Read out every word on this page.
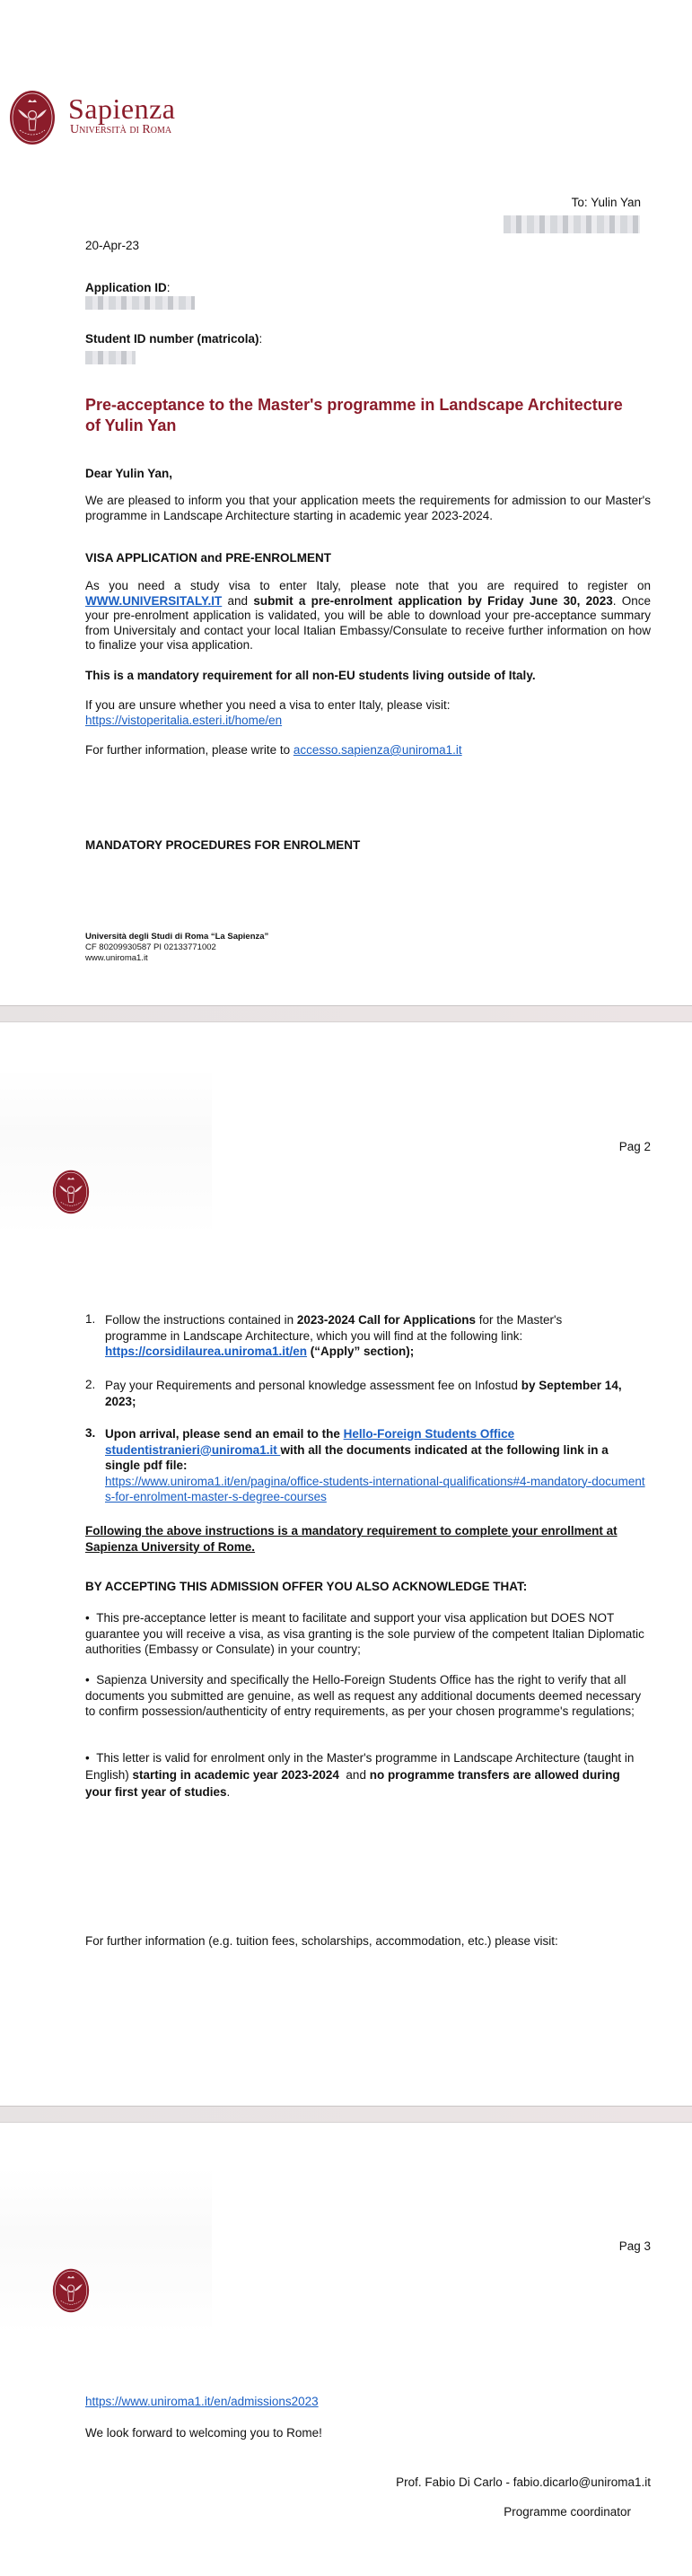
Sapienza
Università di Roma
To: Yulin Yan
20-Apr-23
Application ID:
Student ID number (matricola):
Pre-acceptance to the Master's programme in Landscape Architecture of Yulin Yan
Dear Yulin Yan,

We are pleased to inform you that your application meets the requirements for admission to our Master's programme in Landscape Architecture starting in academic year 2023-2024.

VISA APPLICATION and PRE-ENROLMENT

As you need a study visa to enter Italy, please note that you are required to register on WWW.UNIVERSITALY.IT and submit a pre-enrolment application by Friday June 30, 2023. Once your pre-enrolment application is validated, you will be able to download your pre-acceptance summary from Universitaly and contact your local Italian Embassy/Consulate to receive further information on how to finalize your visa application.

This is a mandatory requirement for all non-EU students living outside of Italy.
If you are unsure whether you need a visa to enter Italy, please visit:
https://vistoperitalia.esteri.it/home/en
For further information, please write to accesso.sapienza@uniroma1.it
MANDATORY PROCEDURES FOR ENROLMENT
Università degli Studi di Roma “La Sapienza”
CF 80209930587 PI 02133771002
www.uniroma1.it
Pag 2
1. Follow the instructions contained in 2023-2024 Call for Applications for the Master's programme in Landscape Architecture, which you will find at the following link: https://corsidilaurea.uniroma1.it/en (“Apply” section);
2. Pay your Requirements and personal knowledge assessment fee on Infostud by September 14, 2023;
3. Upon arrival, please send an email to the Hello-Foreign Students Office
studentistranieri@uniroma1.it with all the documents indicated at the following link in a single pdf file:
https://www.uniroma1.it/en/pagina/office-students-international-qualifications#4-mandatory-documents-for-enrolment-master-s-degree-courses
Following the above instructions is a mandatory requirement to complete your enrollment at Sapienza University of Rome.
BY ACCEPTING THIS ADMISSION OFFER YOU ALSO ACKNOWLEDGE THAT:
•  This pre-acceptance letter is meant to facilitate and support your visa application but DOES NOT guarantee you will receive a visa, as visa granting is the sole purview of the competent Italian Diplomatic authorities (Embassy or Consulate) in your country;
•  Sapienza University and specifically the Hello-Foreign Students Office has the right to verify that all documents you submitted are genuine, as well as request any additional documents deemed necessary to confirm possession/authenticity of entry requirements, as per your chosen programme's regulations;
•  This letter is valid for enrolment only in the Master's programme in Landscape Architecture (taught in English) starting in academic year 2023-2024  and no programme transfers are allowed during your first year of studies.
For further information (e.g. tuition fees, scholarships, accommodation, etc.) please visit:
Pag 3
https://www.uniroma1.it/en/admissions2023
We look forward to welcoming you to Rome!
Prof. Fabio Di Carlo - fabio.dicarlo@uniroma1.it
Programme coordinator
